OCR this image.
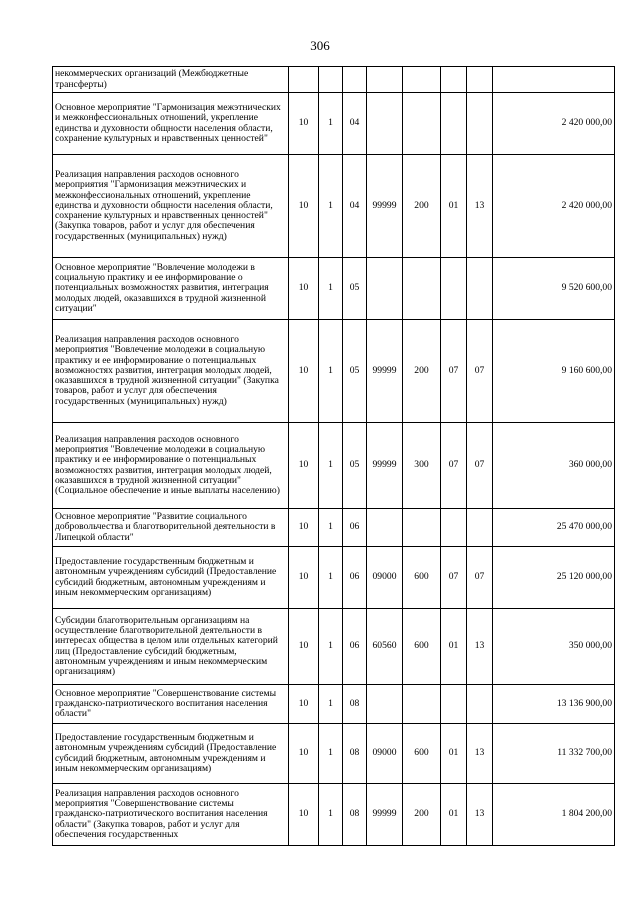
306
некоммерческих организаций (Межбюджетные трансферты)								
Основное мероприятие "Гармонизация межэтнических и межконфессиональных отношений, укрепление единства и духовности общности населения области, сохранение культурных и нравственных ценностей"	10	1	04					2 420 000,00
Реализация направления расходов основного мероприятия "Гармонизация межэтнических и межконфессиональных отношений, укрепление единства и духовности общности населения области, сохранение культурных и нравственных ценностей" (Закупка товаров, работ и услуг для обеспечения государственных (муниципальных) нужд)	10	1	04	99999	200	01	13	2 420 000,00
Основное мероприятие "Вовлечение молодежи в социальную практику и ее информирование о потенциальных возможностях развития, интеграция молодых людей, оказавшихся в трудной жизненной ситуации"	10	1	05					9 520 600,00
Реализация направления расходов основного мероприятия "Вовлечение молодежи в социальную практику и ее информирование о потенциальных возможностях развития, интеграция молодых людей, оказавшихся в трудной жизненной ситуации" (Закупка товаров, работ и услуг для обеспечения государственных (муниципальных) нужд)	10	1	05	99999	200	07	07	9 160 600,00
Реализация направления расходов основного мероприятия "Вовлечение молодежи в социальную практику и ее информирование о потенциальных возможностях развития, интеграция молодых людей, оказавшихся в трудной жизненной ситуации" (Социальное обеспечение и иные выплаты населению)	10	1	05	99999	300	07	07	360 000,00
Основное мероприятие "Развитие социального добровольчества и благотворительной деятельности в Липецкой области"	10	1	06					25 470 000,00
Предоставление государственным бюджетным и автономным учреждениям субсидий (Предоставление субсидий бюджетным, автономным учреждениям и иным некоммерческим организациям)	10	1	06	09000	600	07	07	25 120 000,00
Субсидии благотворительным организациям на осуществление благотворительной деятельности в интересах общества в целом или отдельных категорий лиц (Предоставление субсидий бюджетным, автономным учреждениям и иным некоммерческим организациям)	10	1	06	60560	600	01	13	350 000,00
Основное мероприятие "Совершенствование системы гражданско-патриотического воспитания населения области"	10	1	08					13 136 900,00
Предоставление государственным бюджетным и автономным учреждениям субсидий (Предоставление субсидий бюджетным, автономным учреждениям и иным некоммерческим организациям)	10	1	08	09000	600	01	13	11 332 700,00
Реализация направления расходов основного мероприятия "Совершенствование системы гражданско-патриотического воспитания населения области" (Закупка товаров, работ и услуг для обеспечения государственных	10	1	08	99999	200	01	13	1 804 200,00
